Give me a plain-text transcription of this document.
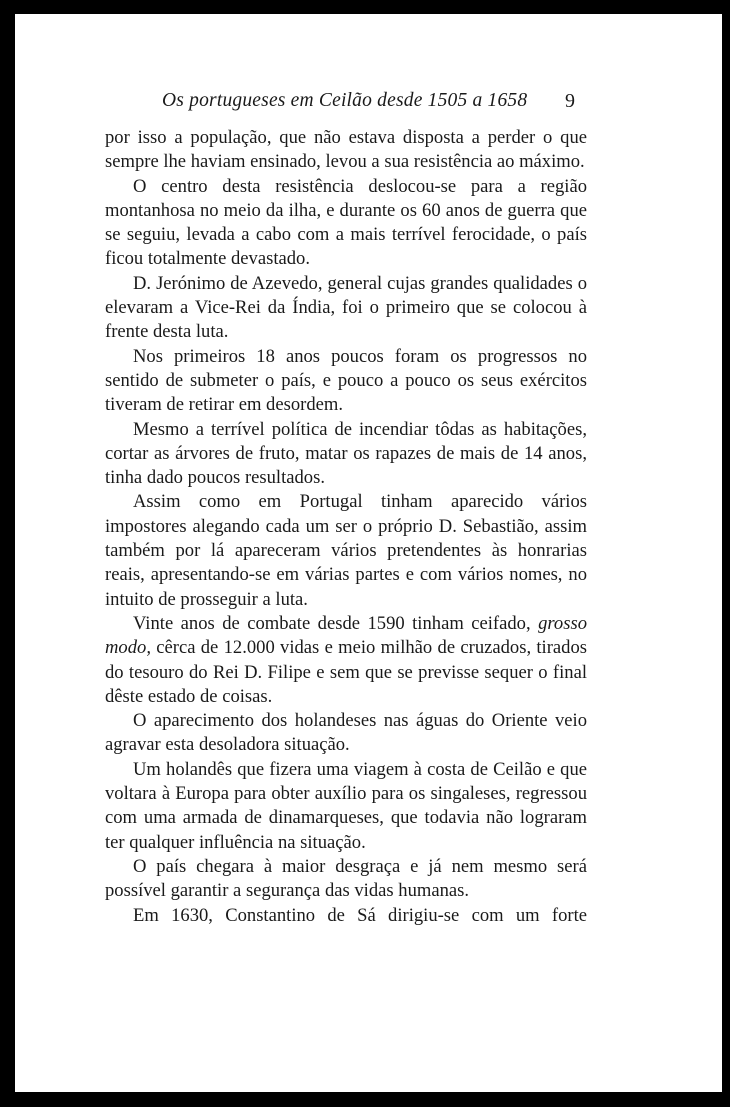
Os portugueses em Ceilão desde 1505 a 1658 9

por isso a população, que não estava disposta a perder o que sempre lhe haviam ensinado, levou a sua resistência ao máximo.

O centro desta resistência deslocou-se para a região montanhosa no meio da ilha, e durante os 60 anos de guerra que se seguiu, levada a cabo com a mais terrível ferocidade, o país ficou totalmente devastado.

D. Jerónimo de Azevedo, general cujas grandes qualidades o elevaram a Vice-Rei da Índia, foi o primeiro que se colocou à frente desta luta.

Nos primeiros 18 anos poucos foram os progressos no sentido de submeter o país, e pouco a pouco os seus exércitos tiveram de retirar em desordem.

Mesmo a terrível política de incendiar tôdas as habitações, cortar as árvores de fruto, matar os rapazes de mais de 14 anos, tinha dado poucos resultados.

Assim como em Portugal tinham aparecido vários impostores alegando cada um ser o próprio D. Sebastião, assim também por lá apareceram vários pretendentes às honrarias reais, apresentando-se em várias partes e com vários nomes, no intuito de prosseguir a luta.

Vinte anos de combate desde 1590 tinham ceifado, grosso modo, cêrca de 12.000 vidas e meio milhão de cruzados, tirados do tesouro do Rei D. Filipe e sem que se previsse sequer o final dêste estado de coisas.

O aparecimento dos holandeses nas águas do Oriente veio agravar esta desoladora situação.

Um holandês que fizera uma viagem à costa de Ceilão e que voltara à Europa para obter auxílio para os singaleses, regressou com uma armada de dinamarqueses, que todavia não lograram ter qualquer influência na situação.

O país chegara à maior desgraça e já nem mesmo será possível garantir a segurança das vidas humanas.

Em 1630, Constantino de Sá dirigiu-se com um forte
